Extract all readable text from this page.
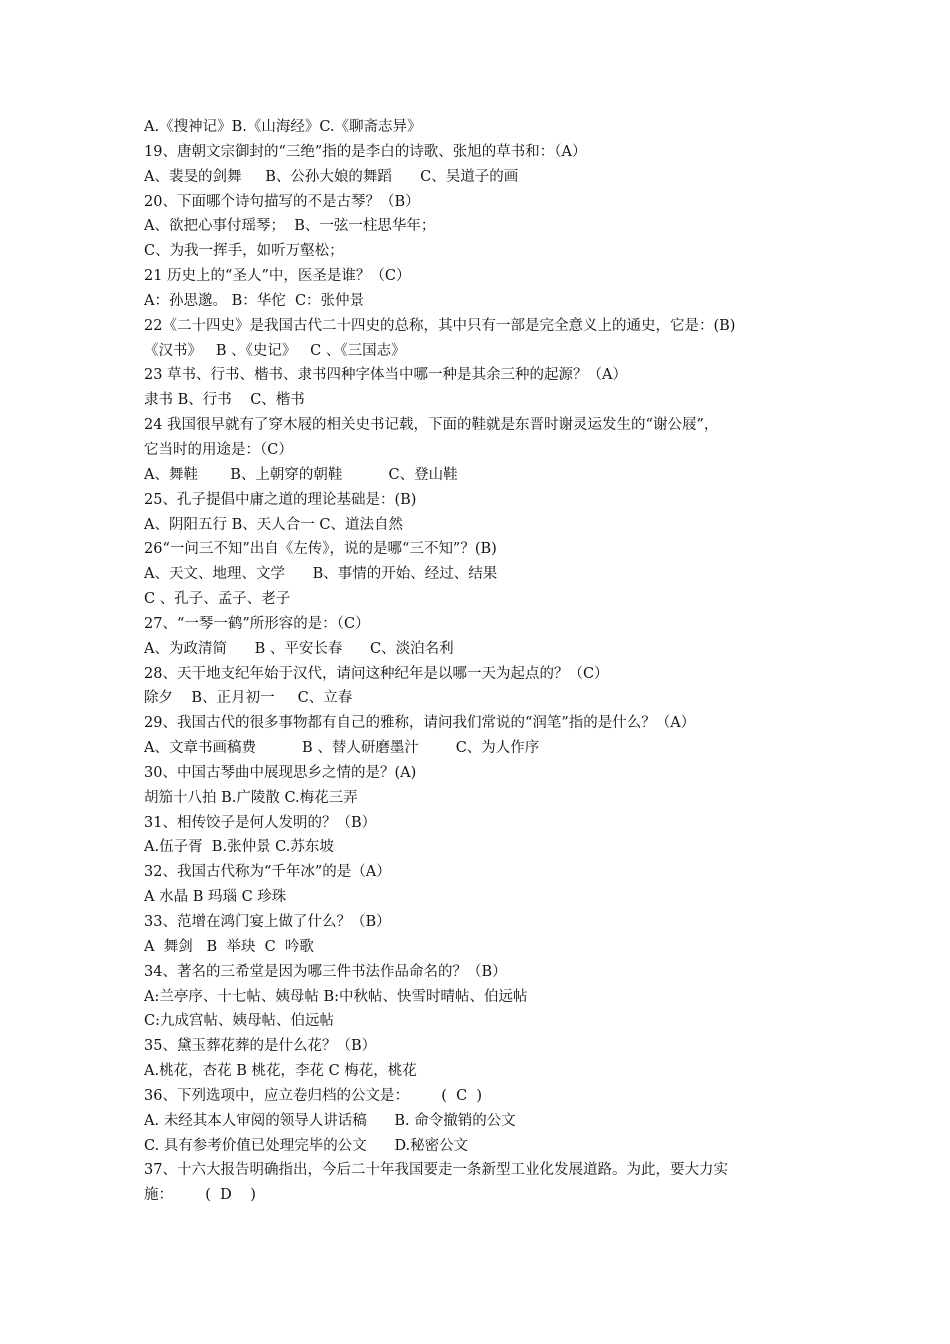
A.《搜神记》B.《山海经》C.《聊斋志异》
19、唐朝文宗御封的“三绝”指的是李白的诗歌、张旭的草书和：（A）
A、裴旻的剑舞　  B、公孙大娘的舞蹈　   C、吴道子的画
20、下面哪个诗句描写的不是古琴？（B）
A、欲把心事付瑶琴；  B、一弦一柱思华年；
C、为我一挥手，如听万壑松；
21 历史上的“圣人”中，医圣是谁？（C）
A：孙思邈。 B：华佗  C：张仲景
22《二十四史》是我国古代二十四史的总称，其中只有一部是完全意义上的通史，它是：(B)
《汉书》   B 、《史记》   C 、《三国志》
23 草书、行书、楷书、隶书四种字体当中哪一种是其余三种的起源？（A）
隶书 B、行书    C、楷书
24 我国很早就有了穿木屐的相关史书记载，下面的鞋就是东晋时谢灵运发生的“谢公屐”，
它当时的用途是：（C）
A、舞鞋       B、上朝穿的朝鞋          C、登山鞋
25、孔子提倡中庸之道的理论基础是：(B)
A、阴阳五行 B、天人合一 C、道法自然
26“一问三不知”出自《左传》，说的是哪“三不知”？(B)
A、天文、地理、文学      B、事情的开始、经过、结果
C 、孔子、孟子、老子
27、“一琴一鹤”所形容的是：（C）
A、为政清简      B 、平安长春      C、淡泊名利
28、天干地支纪年始于汉代，请问这种纪年是以哪一天为起点的？（C）
除夕    B、正月初一     C、立春
29、我国古代的很多事物都有自己的雅称，请问我们常说的“润笔”指的是什么？（A）
A、文章书画稿费          B 、替人研磨墨汁        C、为人作序
30、中国古琴曲中展现思乡之情的是？(A)
胡笳十八拍 B.广陵散 C.梅花三弄
31、相传饺子是何人发明的？（B）
A.伍子胥  B.张仲景 C.苏东坡
32、我国古代称为“千年冰”的是（A）
A 水晶 B 玛瑙 C 珍珠
33、范增在鸿门宴上做了什么？（B）
A  舞剑   B  举玦  C  吟歌
34、著名的三希堂是因为哪三件书法作品命名的？（B）
A:兰亭序、十七帖、姨母帖 B:中秋帖、快雪时晴帖、伯远帖
C:九成宫帖、姨母帖、伯远帖
35、黛玉葬花葬的是什么花？（B）
A.桃花，杏花 B 桃花，李花 C 梅花，桃花
36、下列选项中，应立卷归档的公文是：       (  C  )
A. 未经其本人审阅的领导人讲话稿      B. 命令撤销的公文
C. 具有参考价值已处理完毕的公文      D.秘密公文
37、十六大报告明确指出，今后二十年我国要走一条新型工业化发展道路。为此，要大力实
施：       (  D    )
